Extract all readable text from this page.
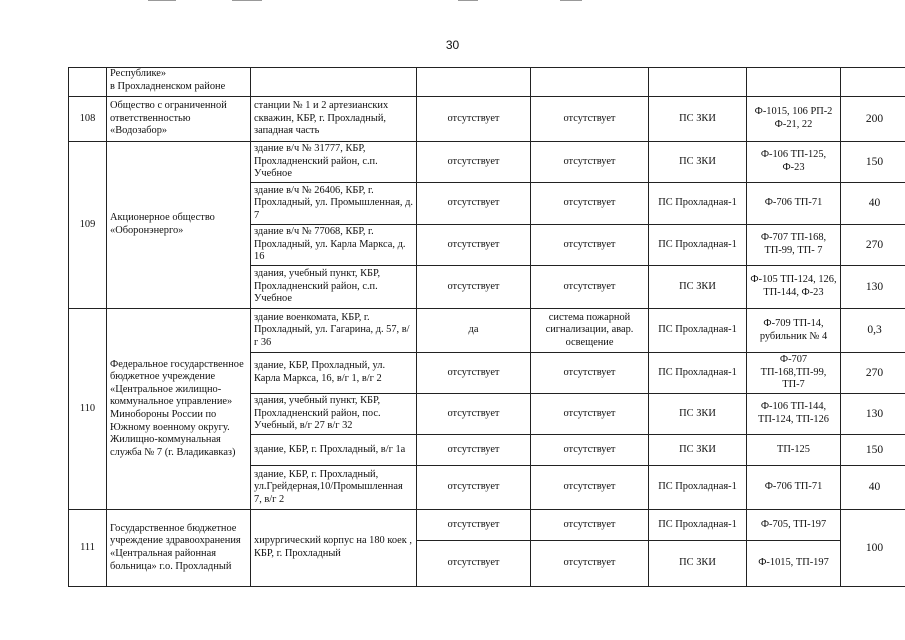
30
	Республике»
в Прохладненском районе						
108	Общество с ограниченной ответственностью «Водозабор»	станции № 1 и 2 артезианских скважин, КБР, г. Прохладный, западная часть	отсутствует	отсутствует	ПС ЗКИ	Ф-1015, 106 РП-2 Ф-21, 22	200
109	Акционерное общество «Оборонэнерго»	здание в/ч № 31777, КБР, Прохладненский район, с.п. Учебное	отсутствует	отсутствует	ПС ЗКИ	Ф-106 ТП-125, Ф-23	150
		здание в/ч № 26406, КБР, г. Прохладный, ул. Промышленная, д. 7	отсутствует	отсутствует	ПС Прохладная-1	Ф-706 ТП-71	40
		здание в/ч № 77068, КБР, г. Прохладный, ул. Карла Маркса, д. 16	отсутствует	отсутствует	ПС Прохладная-1	Ф-707 ТП-168, ТП-99, ТП- 7	270
		здания, учебный пункт, КБР, Прохладненский район, с.п. Учебное	отсутствует	отсутствует	ПС ЗКИ	Ф-105 ТП-124, 126, ТП-144, Ф-23	130
110	Федеральное государственное бюджетное учреждение «Центральное жилищно-коммунальное управление» Минобороны России по Южному военному округу. Жилищно-коммунальная служба № 7 (г. Владикавказ)	здание военкомата, КБР, г. Прохладный, ул. Гагарина, д. 57, в/г 36	да	система пожарной сигнализации, авар. освещение	ПС Прохладная-1	Ф-709 ТП-14, рубильник № 4	0,3
		здание, КБР, Прохладный, ул. Карла Маркса, 16, в/г 1, в/г 2	отсутствует	отсутствует	ПС Прохладная-1	Ф-707 ТП-168,ТП-99, ТП-7	270
		здания, учебный пункт, КБР, Прохладненский район, пос. Учебный, в/г 27 в/г 32	отсутствует	отсутствует	ПС ЗКИ	Ф-106 ТП-144, ТП-124, ТП-126	130
		здание, КБР, г. Прохладный, в/г 1а	отсутствует	отсутствует	ПС ЗКИ	ТП-125	150
		здание, КБР, г. Прохладный, ул.Грейдерная,10/Промышленная 7, в/г 2	отсутствует	отсутствует	ПС Прохладная-1	Ф-706 ТП-71	40
111	Государственное бюджетное учреждение здравоохранения «Центральная районная больница» г.о. Прохладный	хирургический корпус на 180 коек , КБР, г. Прохладный	отсутствует	отсутствует	ПС Прохладная-1	Ф-705, ТП-197	100
			отсутствует	отсутствует	ПС ЗКИ	Ф-1015, ТП-197	
